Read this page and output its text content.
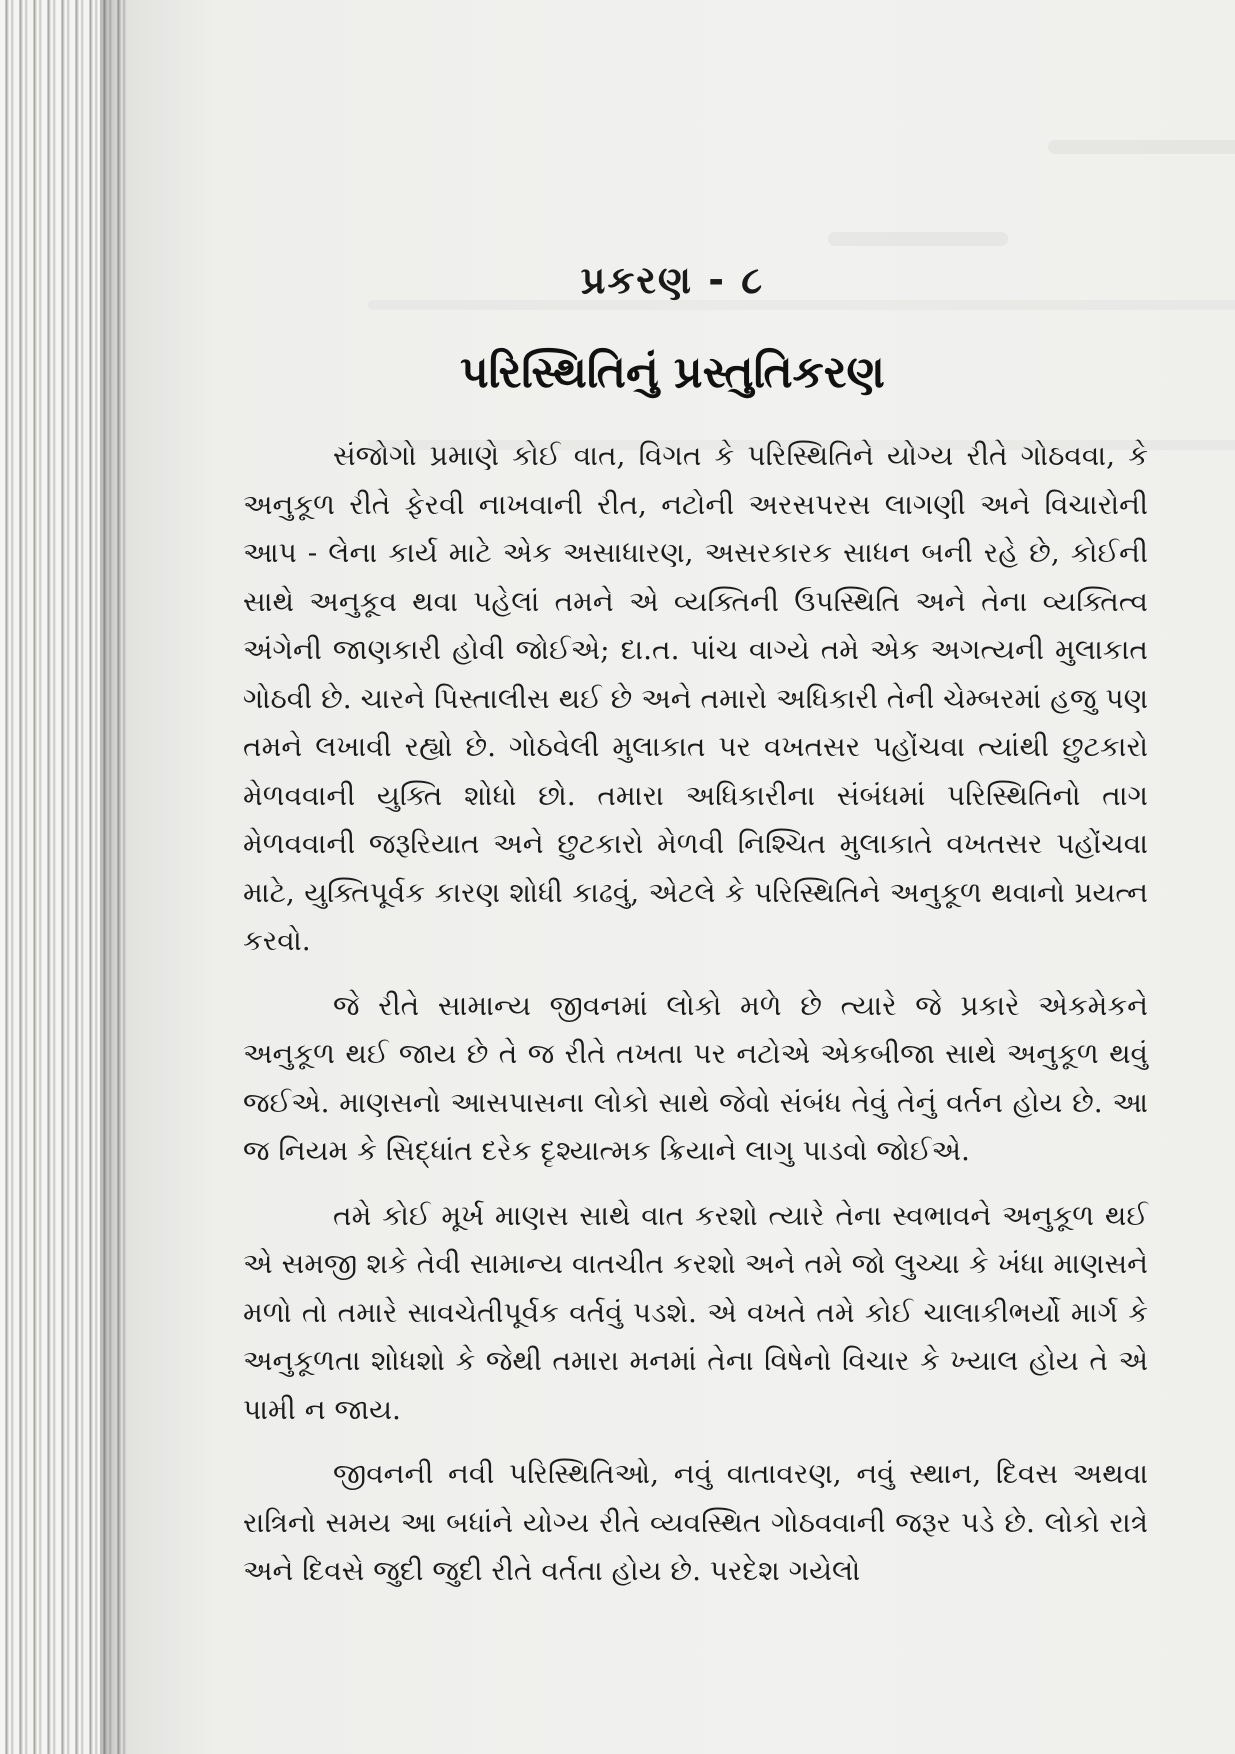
પ્રકરણ - ૮
પરિસ્થિતિનું પ્રસ્તુતિકરણ

સંજોગો પ્રમાણે કોઈ વાત, વિગત કે પરિસ્થિતિને યોગ્ય રીતે ગોઠવવા, કે અનુકૂળ રીતે ફેરવી નાખવાની રીત, નટોની અરસપરસ લાગણી અને વિચારોની આપ - લેના કાર્ય માટે એક અસાધારણ, અસરકારક સાધન બની રહે છે, કોઈની સાથે અનુકૂવ થવા પહેલાં તમને એ વ્યક્તિની ઉપસ્થિતિ અને તેના વ્યક્તિત્વ અંગેની જાણકારી હોવી જોઈએ; દા.ત. પાંચ વાગ્યે તમે એક અગત્યની મુલાકાત ગોઠવી છે. ચારને પિસ્તાલીસ થઈ છે અને તમારો અધિકારી તેની ચેમ્બરમાં હજુ પણ તમને લખાવી રહ્યો છે. ગોઠવેલી મુલાકાત પર વખતસર પહોંચવા ત્યાંથી છુટકારો મેળવવાની યુક્તિ શોધો છો. તમારા અધિકારીના સંબંધમાં પરિસ્થિતિનો તાગ મેળવવાની જરૂરિયાત અને છુટકારો મેળવી નિશ્ચિત મુલાકાતે વખતસર પહોંચવા માટે, યુક્તિપૂર્વક કારણ શોધી કાઢવું, એટલે કે પરિસ્થિતિને અનુકૂળ થવાનો પ્રયત્ન કરવો.

જે રીતે સામાન્ય જીવનમાં લોકો મળે છે ત્યારે જે પ્રકારે એકમેકને અનુકૂળ થઈ જાય છે તે જ રીતે તખતા પર નટોએ એકબીજા સાથે અનુકૂળ થવું જઈએ. માણસનો આસપાસના લોકો સાથે જેવો સંબંધ તેવું તેનું વર્તન હોય છે. આ જ નિયમ કે સિદ્ધાંત દરેક દૃશ્યાત્મક ક્રિયાને લાગુ પાડવો જોઈએ.

તમે કોઈ મૂર્ખ માણસ સાથે વાત કરશો ત્યારે તેના સ્વભાવને અનુકૂળ થઈ એ સમજી શકે તેવી સામાન્ય વાતચીત કરશો અને તમે જો લુચ્ચા કે ખંધા માણસને મળો તો તમારે સાવચેતીપૂર્વક વર્તવું પડશે. એ વખતે તમે કોઈ ચાલાકીભર્યો માર્ગ કે અનુકૂળતા શોધશો કે જેથી તમારા મનમાં તેના વિષેનો વિચાર કે ખ્યાલ હોય તે એ પામી ન જાય.

જીવનની નવી પરિસ્થિતિઓ, નવું વાતાવરણ, નવું સ્થાન, દિવસ અથવા રાત્રિનો સમય આ બધાંને યોગ્ય રીતે વ્યવસ્થિત ગોઠવવાની જરૂર પડે છે. લોકો રાત્રે અને દિવસે જુદી જુદી રીતે વર્તતા હોય છે. પરદેશ ગયેલો
